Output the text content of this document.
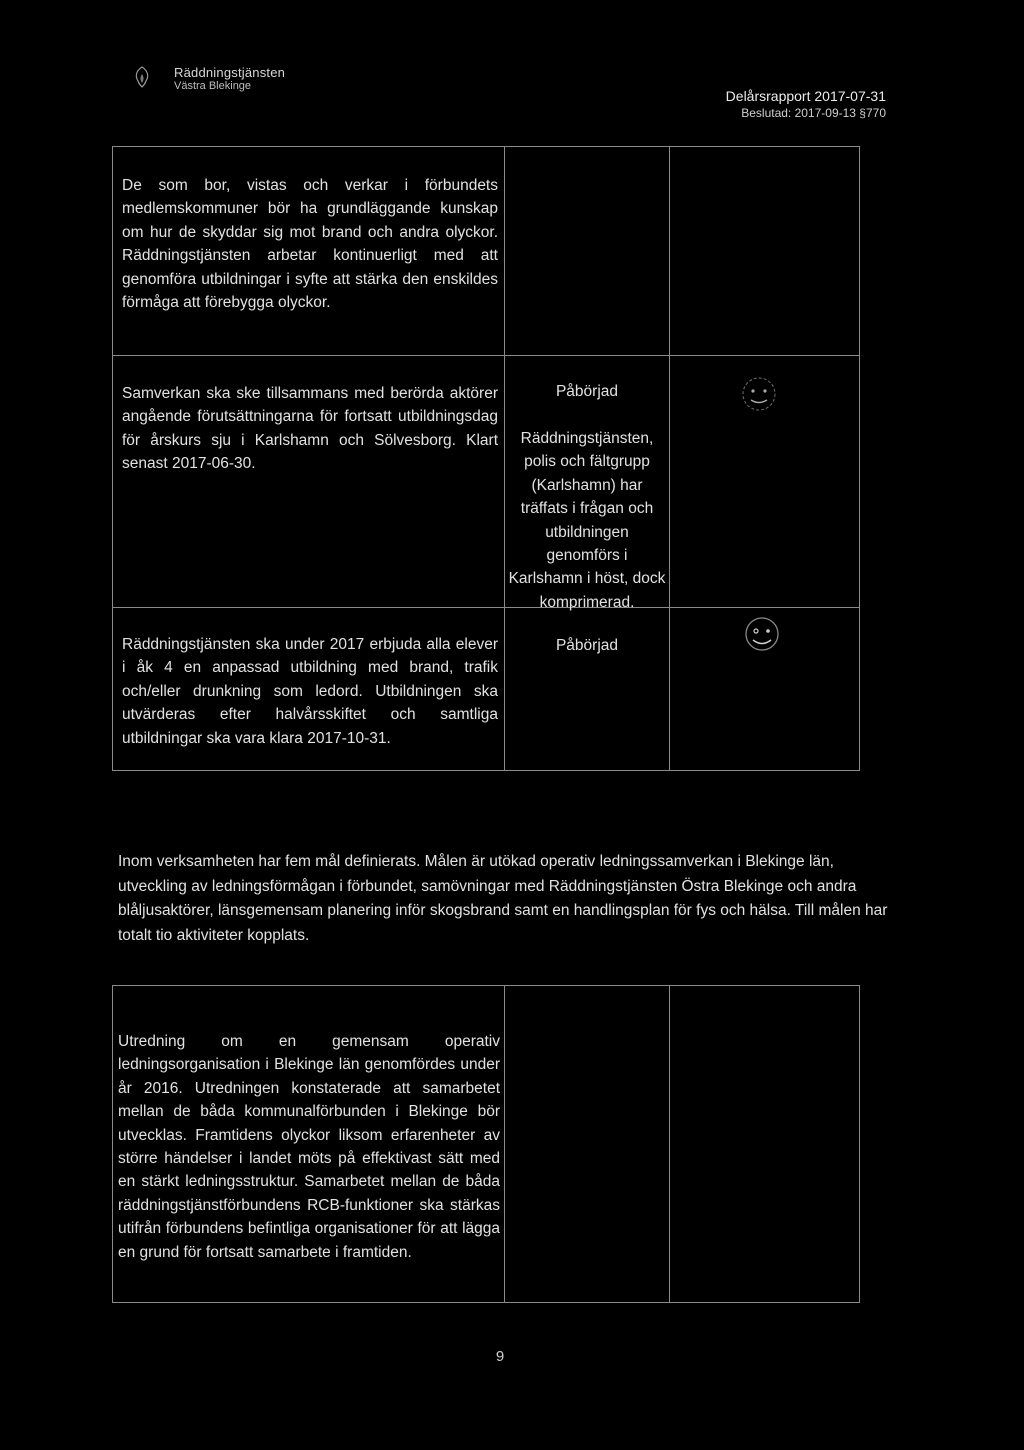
Räddningstjänsten
Västra Blekinge
Delårsrapport 2017-07-31
Beslutad: 2017-09-13 §770
De som bor, vistas och verkar i förbundets medlemskommuner bör ha grundläggande kunskap om hur de skyddar sig mot brand och andra olyckor. Räddningstjänsten arbetar kontinuerligt med att genomföra utbildningar i syfte att stärka den enskildes förmåga att förebygga olyckor.
Samverkan ska ske tillsammans med berörda aktörer angående förutsättningarna för fortsatt utbildningsdag för årskurs sju i Karlshamn och Sölvesborg. Klart senast 2017-06-30.
Påbörjad
Räddningstjänsten, polis och fältgrupp (Karlshamn) har träffats i frågan och utbildningen genomförs i Karlshamn i höst, dock komprimerad.
Räddningstjänsten ska under 2017 erbjuda alla elever i åk 4 en anpassad utbildning med brand, trafik och/eller drunkning som ledord. Utbildningen ska utvärderas efter halvårsskiftet och samtliga utbildningar ska vara klara 2017-10-31.
Påbörjad
Inom verksamheten har fem mål definierats. Målen är utökad operativ ledningssamverkan i Blekinge län, utveckling av ledningsförmågan i förbundet, samövningar med Räddningstjänsten Östra Blekinge och andra blåljusaktörer, länsgemensam planering inför skogsbrand samt en handlingsplan för fys och hälsa. Till målen har totalt tio aktiviteter kopplats.
Utredning om en gemensam operativ ledningsorganisation i Blekinge län genomfördes under år 2016. Utredningen konstaterade att samarbetet mellan de båda kommunalförbunden i Blekinge bör utvecklas. Framtidens olyckor liksom erfarenheter av större händelser i landet möts på effektivast sätt med en stärkt ledningsstruktur. Samarbetet mellan de båda räddningstjänstförbundens RCB-funktioner ska stärkas utifrån förbundens befintliga organisationer för att lägga en grund för fortsatt samarbete i framtiden.
9
